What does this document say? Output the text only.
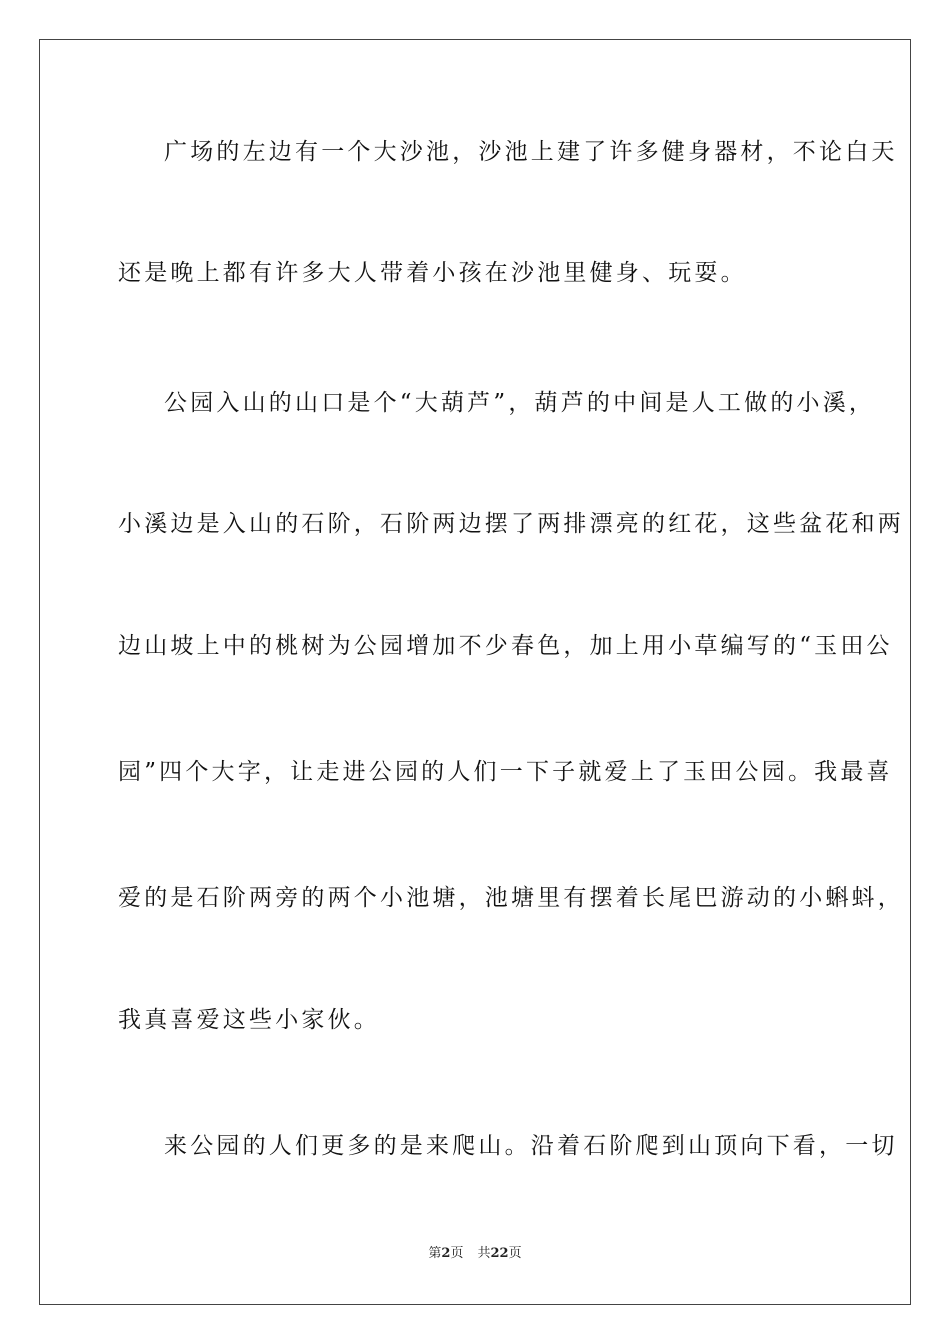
广场的左边有一个大沙池，沙池上建了许多健身器材，不论白天
还是晚上都有许多大人带着小孩在沙池里健身、玩耍。
公园入山的山口是个“大葫芦”，葫芦的中间是人工做的小溪，
小溪边是入山的石阶，石阶两边摆了两排漂亮的红花，这些盆花和两
边山坡上中的桃树为公园增加不少春色，加上用小草编写的“玉田公
园”四个大字，让走进公园的人们一下子就爱上了玉田公园。我最喜
爱的是石阶两旁的两个小池塘，池塘里有摆着长尾巴游动的小蝌蚪，
我真喜爱这些小家伙。
来公园的人们更多的是来爬山。沿着石阶爬到山顶向下看，一切
第2页 共22页
